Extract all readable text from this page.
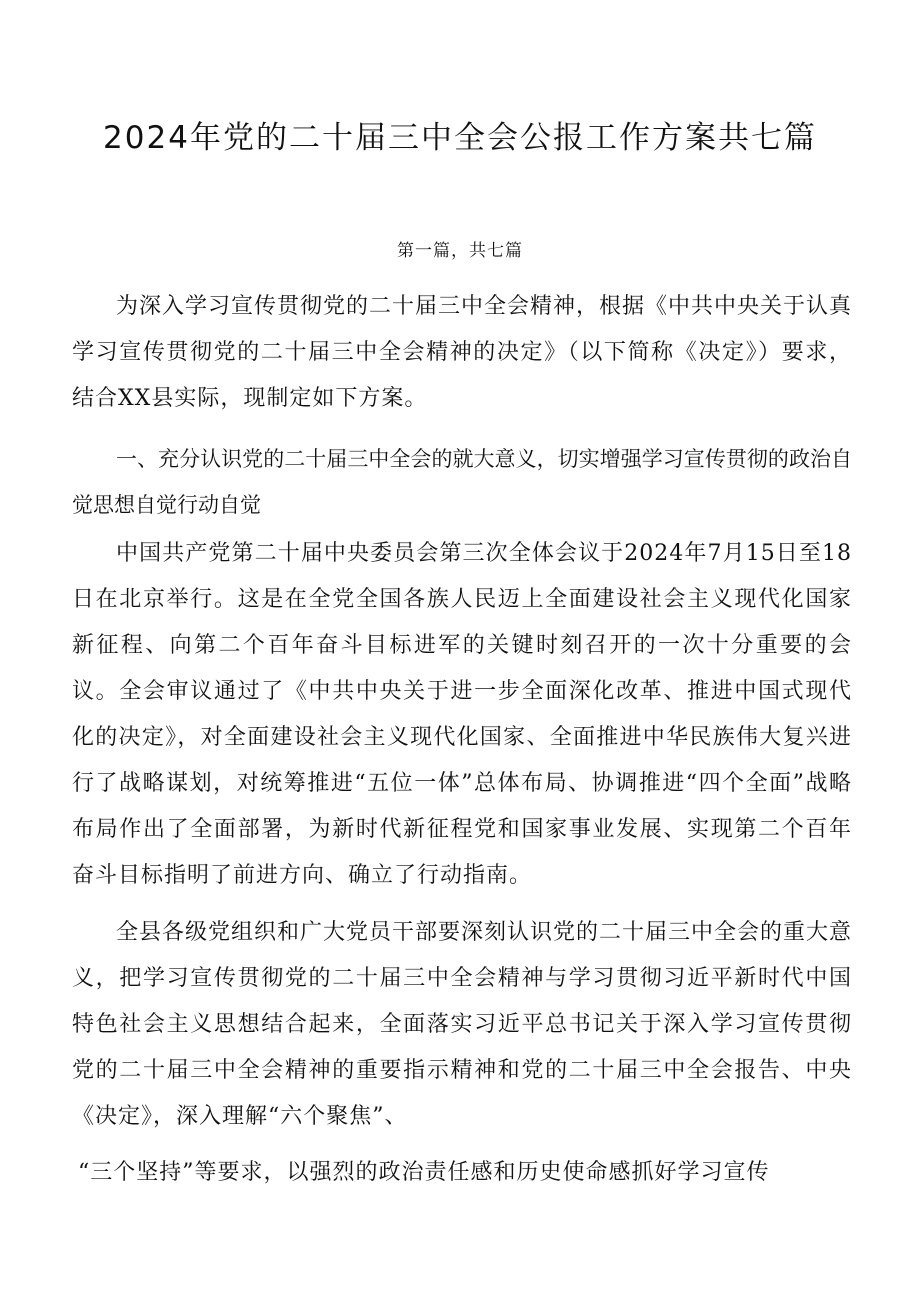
2024年党的二十届三中全会公报工作方案共七篇
第一篇，共七篇
为深入学习宣传贯彻党的二十届三中全会精神，根据《中共中央关于认真学习宣传贯彻党的二十届三中全会精神的决定》（以下简称《决定》）要求，结合XX县实际，现制定如下方案。
一、充分认识党的二十届三中全会的就大意义，切实增强学习宣传贯彻的政治自觉思想自觉行动自觉
中国共产党第二十届中央委员会第三次全体会议于2024年7月15日至18日在北京举行。这是在全党全国各族人民迈上全面建设社会主义现代化国家新征程、向第二个百年奋斗目标进军的关键时刻召开的一次十分重要的会议。全会审议通过了《中共中央关于进一步全面深化改革、推进中国式现代化的决定》，对全面建设社会主义现代化国家、全面推进中华民族伟大复兴进行了战略谋划，对统筹推进“五位一体”总体布局、协调推进“四个全面”战略布局作出了全面部署，为新时代新征程党和国家事业发展、实现第二个百年奋斗目标指明了前进方向、确立了行动指南。
全县各级党组织和广大党员干部要深刻认识党的二十届三中全会的重大意义，把学习宣传贯彻党的二十届三中全会精神与学习贯彻习近平新时代中国特色社会主义思想结合起来，全面落实习近平总书记关于深入学习宣传贯彻党的二十届三中全会精神的重要指示精神和党的二十届三中全会报告、中央《决定》，深入理解“六个聚焦”、
“三个坚持”等要求，以强烈的政治责任感和历史使命感抓好学习宣传
